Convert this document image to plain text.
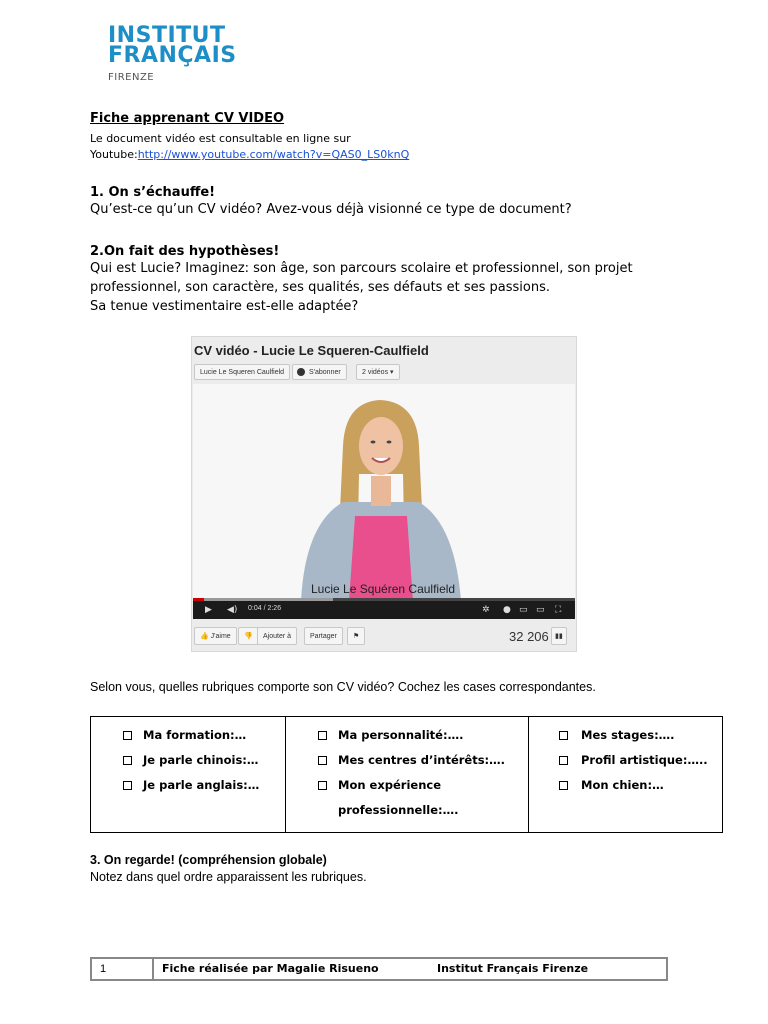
INSTITUT
FRANÇAIS
FIRENZE
Fiche apprenant CV VIDEO
Le document vidéo est consultable en ligne sur
Youtube:http://www.youtube.com/watch?v=QAS0_LS0knQ
1. On s’échauffe!
Qu’est-ce qu’un CV vidéo? Avez-vous déjà visionné ce type de document?
2.On fait des hypothèses!
Qui est Lucie? Imaginez: son âge, son parcours scolaire et professionnel, son projet
professionnel, son caractère, ses qualités, ses défauts et ses passions.
Sa tenue vestimentaire est-elle adaptée?
CV vidéo - Lucie Le Squeren-Caulfield
Lucie Le Squeren Caulfield	S'abonner	2 vidéos ▾
Lucie Le Squéren Caulfield
▶ ◀) 0:04 / 2:26	✲ ● ▭ ▭ ⛶
👍 J'aime	👎	Ajouter à	Partager	⚑	32 206 ▮▮
Selon vous, quelles rubriques comporte son CV vidéo? Cochez les cases correspondantes.
Ma formation:…
Je parle chinois:…
Je parle anglais:…

Ma personnalité:….
Mes centres d’intérêts:….
Mon expérience
professionnelle:….

Mes stages:….
Profil artistique:…..
Mon chien:…
3. On regarde! (compréhension globale)
Notez dans quel ordre apparaissent les rubriques.
1	Fiche réalisée par Magalie Risueno	Institut Français Firenze
